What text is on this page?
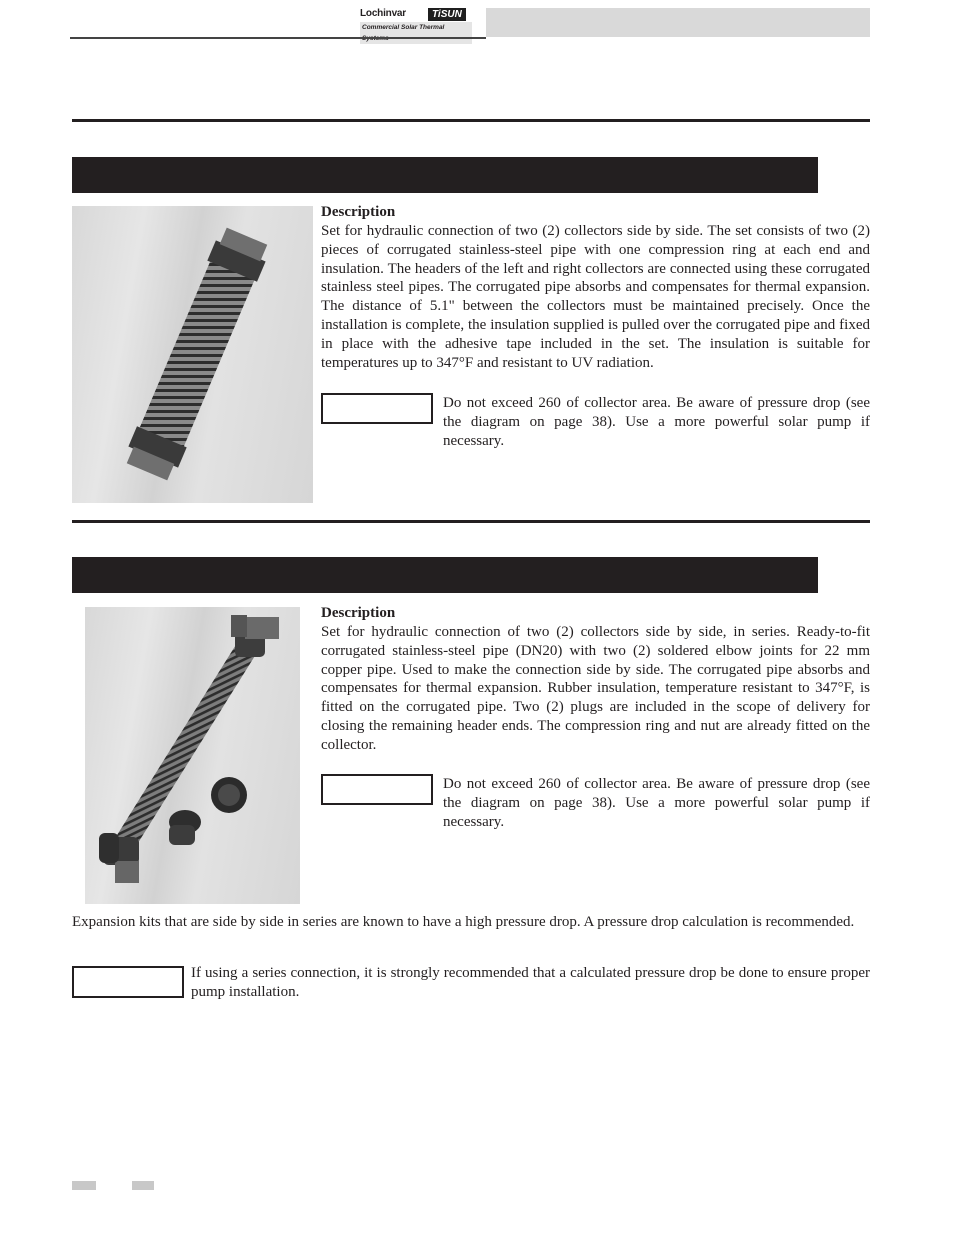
Lochinvar	TiSUN
Commercial Solar Thermal
Description
Set for hydraulic connection of two (2) collectors side by side. The set consists of two (2) pieces of corrugated stainless-steel pipe with one compression ring at each end and insulation. The headers of the left and right collectors are connected using these corrugated stainless steel pipes. The corrugated pipe absorbs and compensates for thermal expansion. The distance of 5.1" between the collectors must be maintained precisely. Once the installation is complete, the insulation supplied is pulled over the corrugated pipe and fixed in place with the adhesive tape included in the set. The insulation is suitable for temperatures up to 347°F and resistant to UV radiation.
Do not exceed 260 of collector area. Be aware of pressure drop (see the diagram on page 38). Use a more powerful solar pump if necessary.
Description
Set for hydraulic connection of two (2) collectors side by side, in series. Ready-to-fit corrugated stainless-steel pipe (DN20) with two (2) soldered elbow joints for 22 mm copper pipe. Used to make the connection side by side. The corrugated pipe absorbs and compensates for thermal expansion. Rubber insulation, temperature resistant to 347°F, is fitted on the corrugated pipe. Two (2) plugs are included in the scope of delivery for closing the remaining header ends. The compression ring and nut are already fitted on the collector.
Do not exceed 260 of collector area. Be aware of pressure drop (see the diagram on page 38). Use a more powerful solar pump if necessary.
Expansion kits that are side by side in series are known to have a high pressure drop. A pressure drop calculation is recommended.
If using a series connection, it is strongly recommended that a calculated pressure drop be done to ensure proper pump installation.
